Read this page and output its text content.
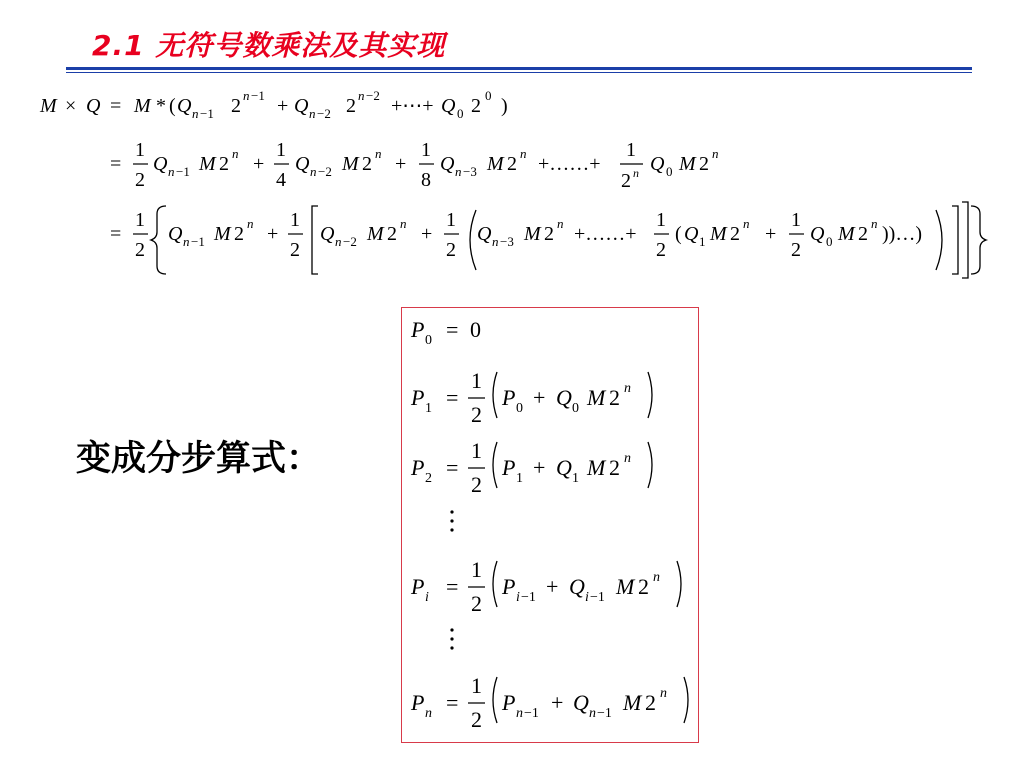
2.1 无符号数乘法及其实现
M × Q = M * ( Q n −1 2 n −1 + Q n −2 2 n −2 +⋯+ Q 0 2 0 )
=
1
2
Q n −1 M 2 n +
1
4
Q n −2 M 2 n +
1
8
Q n −3 M 2 n +……+
1
2 n Q 0 M 2 n
=
1
2
Q n −1 M 2 n +
1
2
Q n −2 M 2 n +
1
2
Q n −3 M 2 n +……+
1
2
( Q 1 M 2 n +
1
2
Q 0 M 2 n ))…)
变成分步算式：
P 0 = 0
P 1 =
1
2
P 0 + Q 0 M 2 n
P 2 =
1
2
P 1 + Q 1 M 2 n
P i =
1
2
P i −1 + Q i −1 M 2 n
P n =
1
2
P n −1 + Q n −1 M 2 n
